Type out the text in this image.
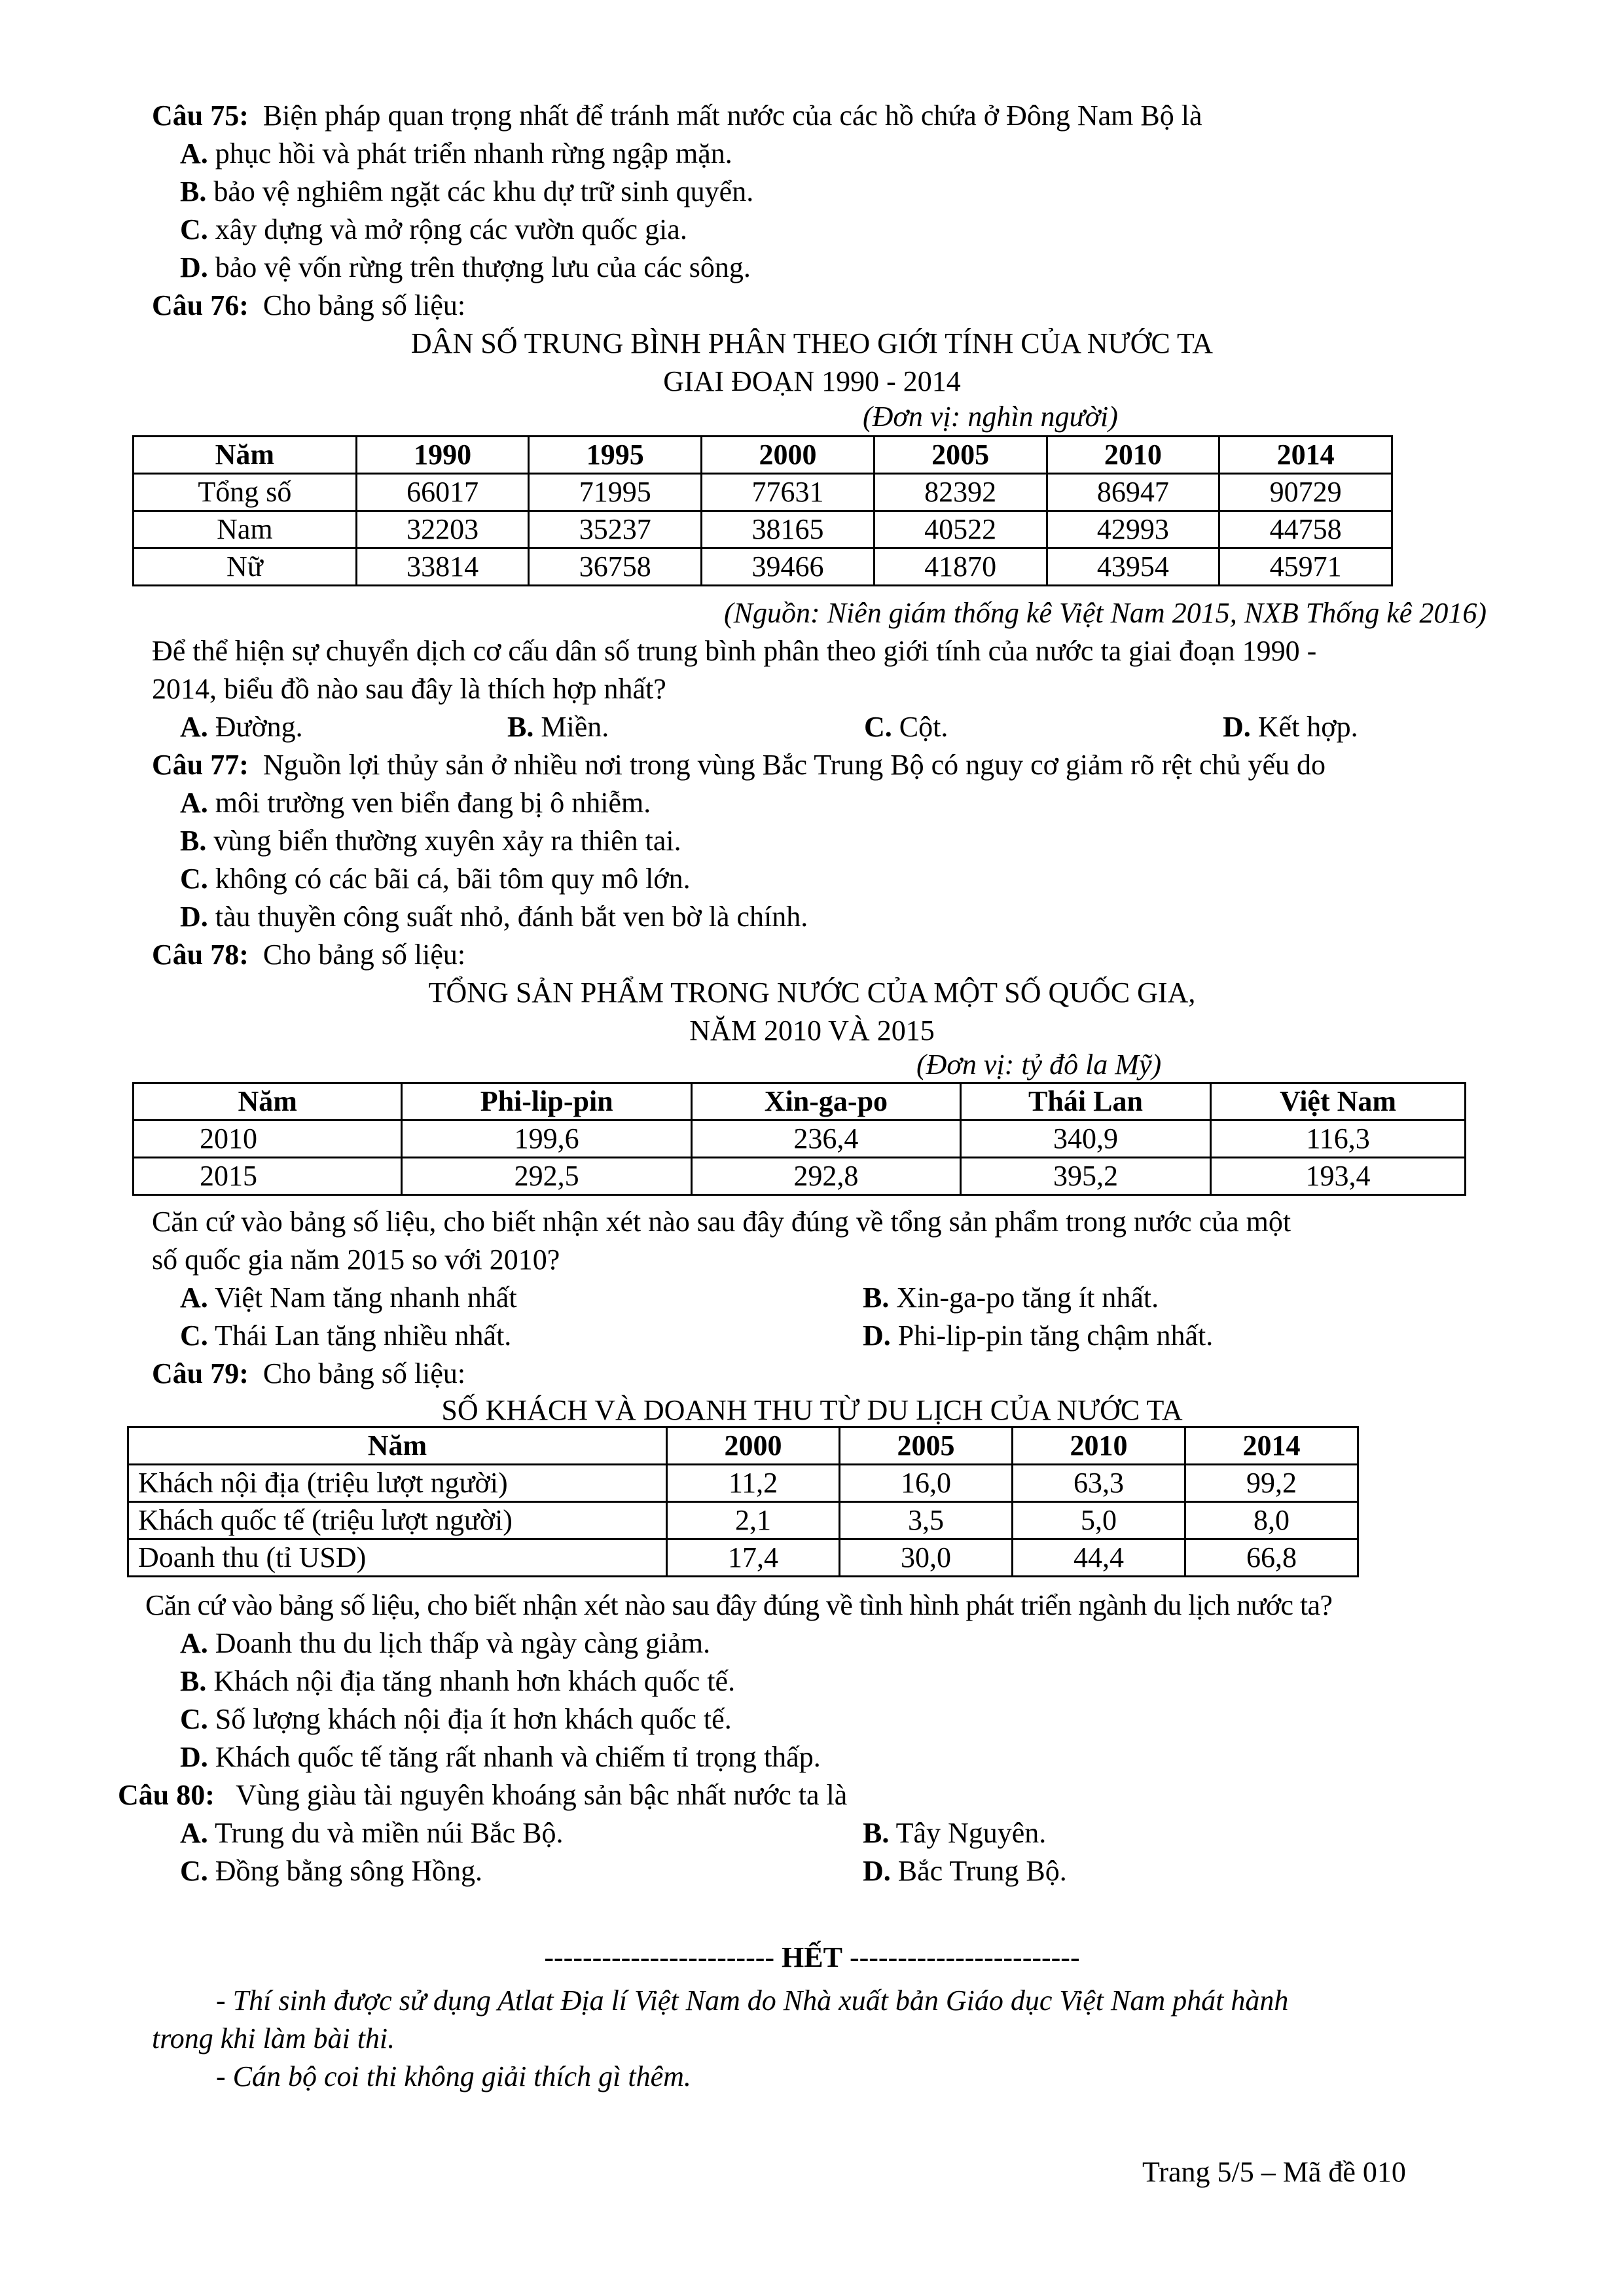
Câu 75: Biện pháp quan trọng nhất để tránh mất nước của các hồ chứa ở Đông Nam Bộ là
A. phục hồi và phát triển nhanh rừng ngập mặn.
B. bảo vệ nghiêm ngặt các khu dự trữ sinh quyển.
C. xây dựng và mở rộng các vườn quốc gia.
D. bảo vệ vốn rừng trên thượng lưu của các sông.
Câu 76: Cho bảng số liệu:
DÂN SỐ TRUNG BÌNH PHÂN THEO GIỚI TÍNH CỦA NƯỚC TA
GIAI ĐOẠN 1990 - 2014
(Đơn vị: nghìn người)
Năm	1990	1995	2000	2005	2010	2014
Tổng số	66017	71995	77631	82392	86947	90729
Nam	32203	35237	38165	40522	42993	44758
Nữ	33814	36758	39466	41870	43954	45971
(Nguồn: Niên giám thống kê Việt Nam 2015, NXB Thống kê 2016)
Để thể hiện sự chuyển dịch cơ cấu dân số trung bình phân theo giới tính của nước ta giai đoạn 1990 -
2014, biểu đồ nào sau đây là thích hợp nhất?
A. Đường.	B. Miền.	C. Cột.	D. Kết hợp.
Câu 77: Nguồn lợi thủy sản ở nhiều nơi trong vùng Bắc Trung Bộ có nguy cơ giảm rõ rệt chủ yếu do
A. môi trường ven biển đang bị ô nhiễm.
B. vùng biển thường xuyên xảy ra thiên tai.
C. không có các bãi cá, bãi tôm quy mô lớn.
D. tàu thuyền công suất nhỏ, đánh bắt ven bờ là chính.
Câu 78: Cho bảng số liệu:
TỔNG SẢN PHẨM TRONG NƯỚC CỦA MỘT SỐ QUỐC GIA,
NĂM 2010 VÀ 2015
(Đơn vị: tỷ đô la Mỹ)
Năm	Phi-lip-pin	Xin-ga-po	Thái Lan	Việt Nam
2010	199,6	236,4	340,9	116,3
2015	292,5	292,8	395,2	193,4
Căn cứ vào bảng số liệu, cho biết nhận xét nào sau đây đúng về tổng sản phẩm trong nước của một
số quốc gia năm 2015 so với 2010?
A. Việt Nam tăng nhanh nhất	B. Xin-ga-po tăng ít nhất.
C. Thái Lan tăng nhiều nhất.	D. Phi-lip-pin tăng chậm nhất.
Câu 79: Cho bảng số liệu:
SỐ KHÁCH VÀ DOANH THU TỪ DU LỊCH CỦA NƯỚC TA
Năm	2000	2005	2010	2014
Khách nội địa (triệu lượt người)	11,2	16,0	63,3	99,2
Khách quốc tế (triệu lượt người)	2,1	3,5	5,0	8,0
Doanh thu (tỉ USD)	17,4	30,0	44,4	66,8
Căn cứ vào bảng số liệu, cho biết nhận xét nào sau đây đúng về tình hình phát triển ngành du lịch nước ta?
A. Doanh thu du lịch thấp và ngày càng giảm.
B. Khách nội địa tăng nhanh hơn khách quốc tế.
C. Số lượng khách nội địa ít hơn khách quốc tế.
D. Khách quốc tế tăng rất nhanh và chiếm tỉ trọng thấp.
Câu 80: Vùng giàu tài nguyên khoáng sản bậc nhất nước ta là
A. Trung du và miền núi Bắc Bộ.	B. Tây Nguyên.
C. Đồng bằng sông Hồng.	D. Bắc Trung Bộ.
------------------------ HẾT ------------------------
- Thí sinh được sử dụng Atlat Địa lí Việt Nam do Nhà xuất bản Giáo dục Việt Nam phát hành
trong khi làm bài thi.
- Cán bộ coi thi không giải thích gì thêm.
Trang 5/5 – Mã đề 010
